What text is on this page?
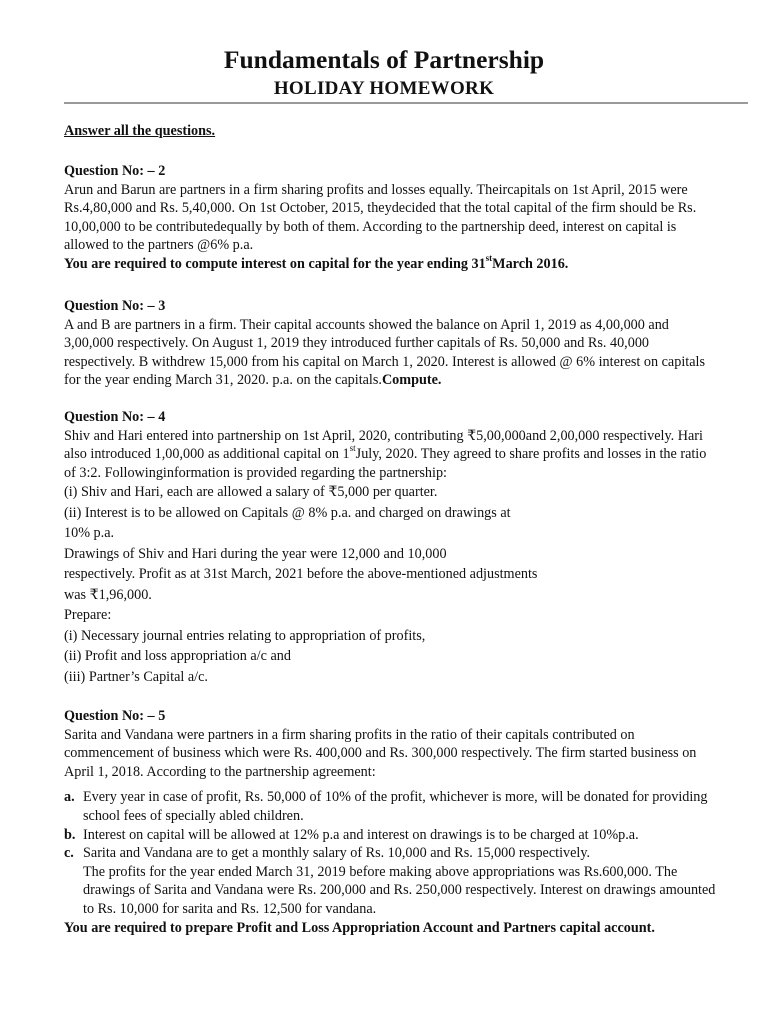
Fundamentals of Partnership
HOLIDAY HOMEWORK
Answer all the questions.

Question No: – 2

Arun and Barun are partners in a firm sharing profits and losses equally. Theircapitals on 1st April, 2015 were Rs.4,80,000 and Rs. 5,40,000. On 1st October, 2015, theydecided that the total capital of the firm should be Rs. 10,00,000 to be contributedequally by both of them. According to the partnership deed, interest on capital is allowed to the partners @6% p.a.

You are required to compute interest on capital for the year ending 31stMarch 2016.

Question No: – 3

A and B are partners in a firm. Their capital accounts showed the balance on April 1, 2019 as 4,00,000 and 3,00,000 respectively. On August 1, 2019 they introduced further capitals of Rs. 50,000 and Rs. 40,000 respectively. B withdrew 15,000 from his capital on March 1, 2020. Interest is allowed @ 6% interest on capitals for the year ending March 31, 2020. p.a. on the capitals.Compute.

Question No: – 4

Shiv and Hari entered into partnership on 1st April, 2020, contributing ₹5,00,000and 2,00,000 respectively. Hari also introduced 1,00,000 as additional capital on 1stJuly, 2020. They agreed to share profits and losses in the ratio of 3:2. Followinginformation is provided regarding the partnership:

(i) Shiv and Hari, each are allowed a salary of ₹5,000 per quarter.

(ii) Interest is to be allowed on Capitals @ 8% p.a. and charged on drawings at

10% p.a.

Drawings of Shiv and Hari during the year were 12,000 and 10,000

respectively. Profit as at 31st March, 2021 before the above-mentioned adjustments

was ₹1,96,000.

Prepare:

(i) Necessary journal entries relating to appropriation of profits,

(ii) Profit and loss appropriation a/c and

(iii) Partner’s Capital a/c.

Question No: – 5

Sarita and Vandana were partners in a firm sharing profits in the ratio of their capitals contributed on commencement of business which were Rs. 400,000 and Rs. 300,000 respectively. The firm started business on April 1, 2018. According to the partnership agreement:

a. Every year in case of profit, Rs. 50,000 of 10% of the profit, whichever is more, will be donated for providing school fees of specially abled children.
b. Interest on capital will be allowed at 12% p.a and interest on drawings is to be charged at 10%p.a.
c. Sarita and Vandana are to get a monthly salary of Rs. 10,000 and Rs. 15,000 respectively.
The profits for the year ended March 31, 2019 before making above appropriations was Rs.600,000. The drawings of Sarita and Vandana were Rs. 200,000 and Rs. 250,000 respectively. Interest on drawings amounted to Rs. 10,000 for sarita and Rs. 12,500 for vandana.

You are required to prepare Profit and Loss Appropriation Account and Partners capital account.
